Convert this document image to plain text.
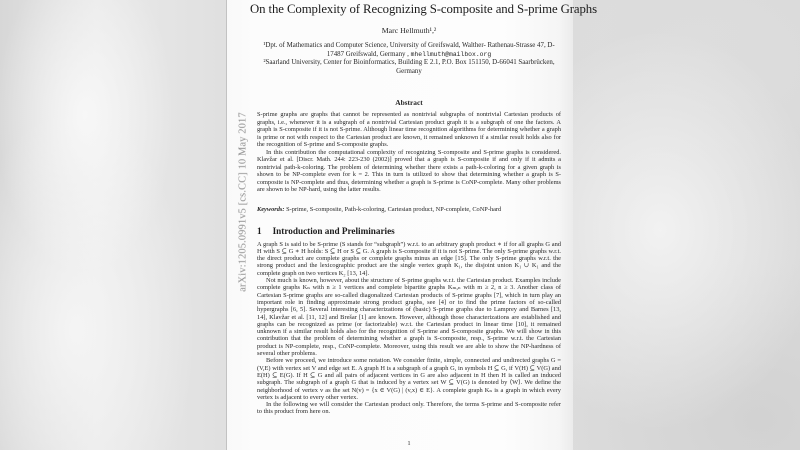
arXiv:1205.0991v5 [cs.CC] 10 May 2017
On the Complexity of Recognizing S-composite and S-prime Graphs
Marc Hellmuth¹,²
¹Dpt. of Mathematics and Computer Science, University of Greifswald, Walther- Rathenau-Strasse 47, D-17487 Greifswald, Germany , mhellmuth@mailbox.org
²Saarland University, Center for Bioinformatics, Building E 2.1, P.O. Box 151150, D-66041 Saarbrücken, Germany
Abstract

S-prime graphs are graphs that cannot be represented as nontrivial subgraphs of nontrivial Cartesian products of graphs, i.e., whenever it is a subgraph of a nontrivial Cartesian product graph it is a subgraph of one the factors. A graph is S-composite if it is not S-prime. Although linear time recognition algorithms for determining whether a graph is prime or not with respect to the Cartesian product are known, it remained unknown if a similar result holds also for the recognition of S-prime and S-composite graphs.

In this contribution the computational complexity of recognizing S-composite and S-prime graphs is considered. Klavžar et al. [Discr. Math. 244: 223-230 (2002)] proved that a graph is S-composite if and only if it admits a nontrivial path-k-coloring. The problem of determining whether there exists a path-k-coloring for a given graph is shown to be NP-complete even for k = 2. This in turn is utilized to show that determining whether a graph is S-composite is NP-complete and thus, determining whether a graph is S-prime is CoNP-complete. Many other problems are shown to be NP-hard, using the latter results.

Keywords: S-prime, S-composite, Path-k-coloring, Cartesian product, NP-complete, CoNP-hard
1 Introduction and Preliminaries

A graph S is said to be S-prime (S stands for “subgraph”) w.r.t. to an arbitrary graph product ∗ if for all graphs G and H with S ⊆ G ∗ H holds: S ⊆ H or S ⊆ G. A graph is S-composite if it is not S-prime. The only S-prime graphs w.r.t. the direct product are complete graphs or complete graphs minus an edge [15]. The only S-prime graphs w.r.t. the strong product and the lexicographic product are the single vertex graph K₁, the disjoint union K₁ ∪ K₁ and the complete graph on two vertices K₂ [13, 14].

Not much is known, however, about the structure of S-prime graphs w.r.t. the Cartesian product. Examples include complete graphs Kₙ with n ≥ 1 vertices and complete bipartite graphs Kₘ,ₙ with m ≥ 2, n ≥ 3. Another class of Cartesian S-prime graphs are so-called diagonalized Cartesian products of S-prime graphs [7], which in turn play an important role in finding approximate strong product graphs, see [4] or to find the prime factors of so-called hypergraphs [6, 5]. Several interesting characterizations of (basic) S-prime graphs due to Lamprey and Barnes [13, 14], Klavžar et al. [11, 12] and Brešar [1] are known. However, although those characterizations are established and graphs can be recognized as prime (or factorizable) w.r.t. the Cartesian product in linear time [10], it remained unknown if a similar result holds also for the recognition of S-prime and S-composite graphs. We will show in this contribution that the problem of determining whether a graph is S-composite, resp., S-prime w.r.t. the Cartesian product is NP-complete, resp., CoNP-complete. Moreover, using this result we are able to show the NP-hardness of several other problems.

Before we proceed, we introduce some notation. We consider finite, simple, connected and undirected graphs G = (V,E) with vertex set V and edge set E. A graph H is a subgraph of a graph G, in symbols H ⊆ G, if V(H) ⊆ V(G) and E(H) ⊆ E(G). If H ⊆ G and all pairs of adjacent vertices in G are also adjacent in H then H is called an induced subgraph. The subgraph of a graph G that is induced by a vertex set W ⊆ V(G) is denoted by ⟨W⟩. We define the neighborhood of vertex v as the set N(v) = {x ∈ V(G) | (v,x) ∈ E}. A complete graph Kₙ is a graph in which every vertex is adjacent to every other vertex.

In the following we will consider the Cartesian product only. Therefore, the terms S-prime and S-composite refer to this product from here on.

1
